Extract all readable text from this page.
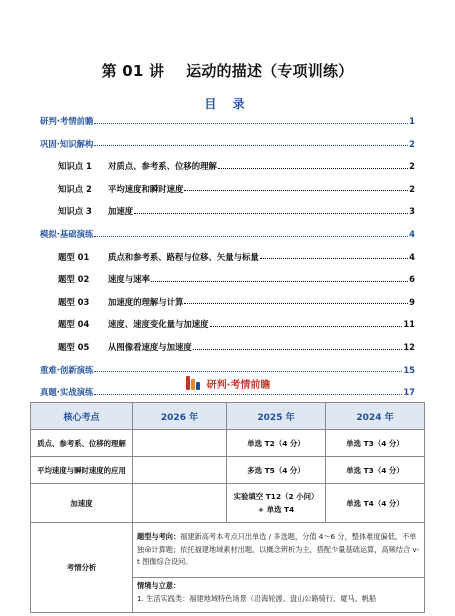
第 01 讲 运动的描述（专项训练）
目 录
研判·考情前瞻	1
巩固·知识解构	2
知识点 1	对质点、参考系、位移的理解	2
知识点 2	平均速度和瞬时速度	2
知识点 3	加速度	3
模拟·基础演练	4
题型 01	质点和参考系、路程与位移、矢量与标量	4
题型 02	速度与速率	6
题型 03	加速度的理解与计算	9
题型 04	速度、速度变化量与加速度	11
题型 05	从图像看速度与加速度	12
重难·创新演练	15
真题·实战演练	17
研判·考情前瞻
核心考点	2026 年	2025 年	2024 年
质点、参考系、位移的理解		单选 T2（4 分）	单选 T3（4 分）
平均速度与瞬时速度的应用		多选 T5（4 分）	单选 T3（4 分）
加速度		实验填空 T12（2 小问）+ 单选 T4	单选 T4（4 分）
考情分析	题型与考向：福建新高考本考点只出单选 / 多选题，分值 4～6 分，整体难度偏低，不单独命计算题；依托福建地域素材出题，以概念辨析为主，搭配少量基础运算，高频结合 v-t 图像综合设问。		
	情境与立意：
1. 生活实践类：福建地域特色场景（沿海轮渡、盘山公路骑行、厦马、帆船		
